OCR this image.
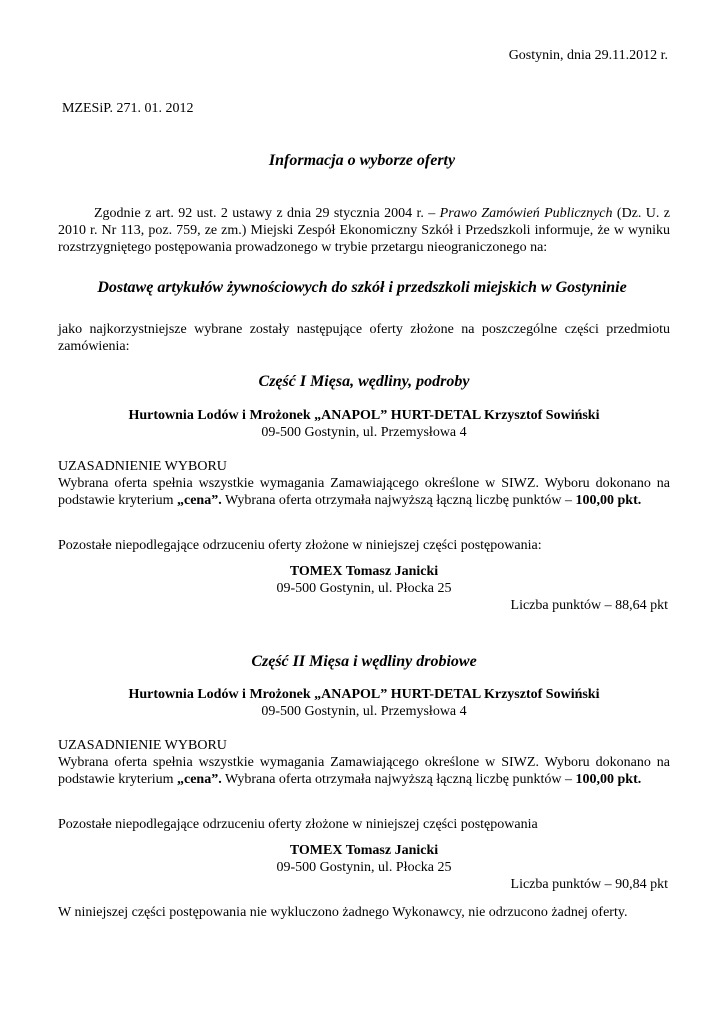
Gostynin, dnia 29.11.2012 r.
MZESiP. 271. 01. 2012
Informacja o wyborze oferty
Zgodnie z art. 92 ust. 2 ustawy z dnia 29 stycznia 2004 r. – Prawo Zamówień Publicznych (Dz. U. z 2010 r. Nr 113, poz. 759, ze zm.) Miejski Zespół Ekonomiczny Szkół i Przedszkoli informuje, że w wyniku rozstrzygniętego postępowania prowadzonego w trybie przetargu nieograniczonego na:
Dostawę artykułów żywnościowych do szkół i przedszkoli miejskich w Gostyninie
jako najkorzystniejsze wybrane zostały następujące oferty złożone na poszczególne części przedmiotu zamówienia:
Część I Mięsa, wędliny, podroby
Hurtownia Lodów i Mrożonek „ANAPOL” HURT-DETAL Krzysztof Sowiński
09-500 Gostynin, ul. Przemysłowa 4
UZASADNIENIE WYBORU
Wybrana oferta spełnia wszystkie wymagania Zamawiającego określone w SIWZ. Wyboru dokonano na podstawie kryterium „cena”. Wybrana oferta otrzymała najwyższą łączną liczbę punktów – 100,00 pkt.
Pozostałe niepodlegające odrzuceniu oferty złożone w niniejszej części postępowania:
TOMEX Tomasz Janicki
09-500 Gostynin, ul. Płocka 25
Liczba punktów – 88,64 pkt
Część II Mięsa i wędliny drobiowe
Hurtownia Lodów i Mrożonek „ANAPOL” HURT-DETAL Krzysztof Sowiński
09-500 Gostynin, ul. Przemysłowa 4
UZASADNIENIE WYBORU
Wybrana oferta spełnia wszystkie wymagania Zamawiającego określone w SIWZ. Wyboru dokonano na podstawie kryterium „cena”. Wybrana oferta otrzymała najwyższą łączną liczbę punktów – 100,00 pkt.
Pozostałe niepodlegające odrzuceniu oferty złożone w niniejszej części postępowania
TOMEX Tomasz Janicki
09-500 Gostynin, ul. Płocka 25
Liczba punktów – 90,84 pkt
W niniejszej części postępowania nie wykluczono żadnego Wykonawcy, nie odrzucono żadnej oferty.
